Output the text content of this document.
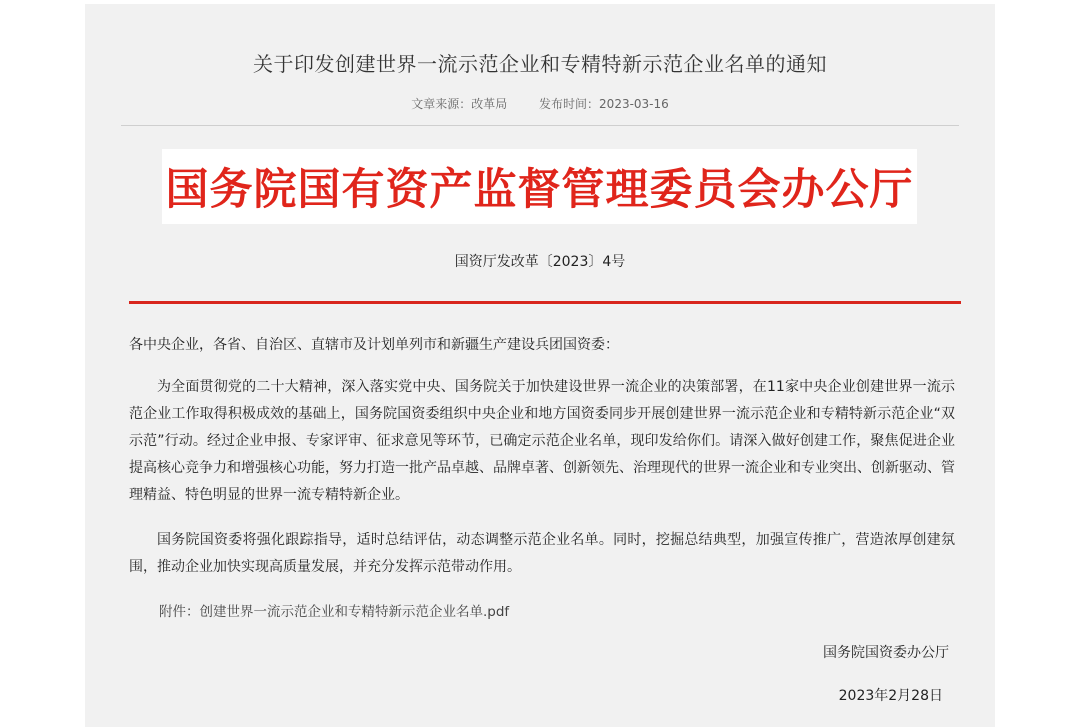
关于印发创建世界一流示范企业和专精特新示范企业名单的通知
文章来源：改革局	发布时间：2023-03-16
国务院国有资产监督管理委员会办公厅
国资厅发改革〔2023〕4号
各中央企业，各省、自治区、直辖市及计划单列市和新疆生产建设兵团国资委：
为全面贯彻党的二十大精神，深入落实党中央、国务院关于加快建设世界一流企业的决策部署，在11家中央企业创建世界一流示范企业工作取得积极成效的基础上，国务院国资委组织中央企业和地方国资委同步开展创建世界一流示范企业和专精特新示范企业“双示范”行动。经过企业申报、专家评审、征求意见等环节，已确定示范企业名单，现印发给你们。请深入做好创建工作，聚焦促进企业提高核心竞争力和增强核心功能，努力打造一批产品卓越、品牌卓著、创新领先、治理现代的世界一流企业和专业突出、创新驱动、管理精益、特色明显的世界一流专精特新企业。
国务院国资委将强化跟踪指导，适时总结评估，动态调整示范企业名单。同时，挖掘总结典型，加强宣传推广，营造浓厚创建氛围，推动企业加快实现高质量发展，并充分发挥示范带动作用。
附件：创建世界一流示范企业和专精特新示范企业名单.pdf
国务院国资委办公厅
2023年2月28日
